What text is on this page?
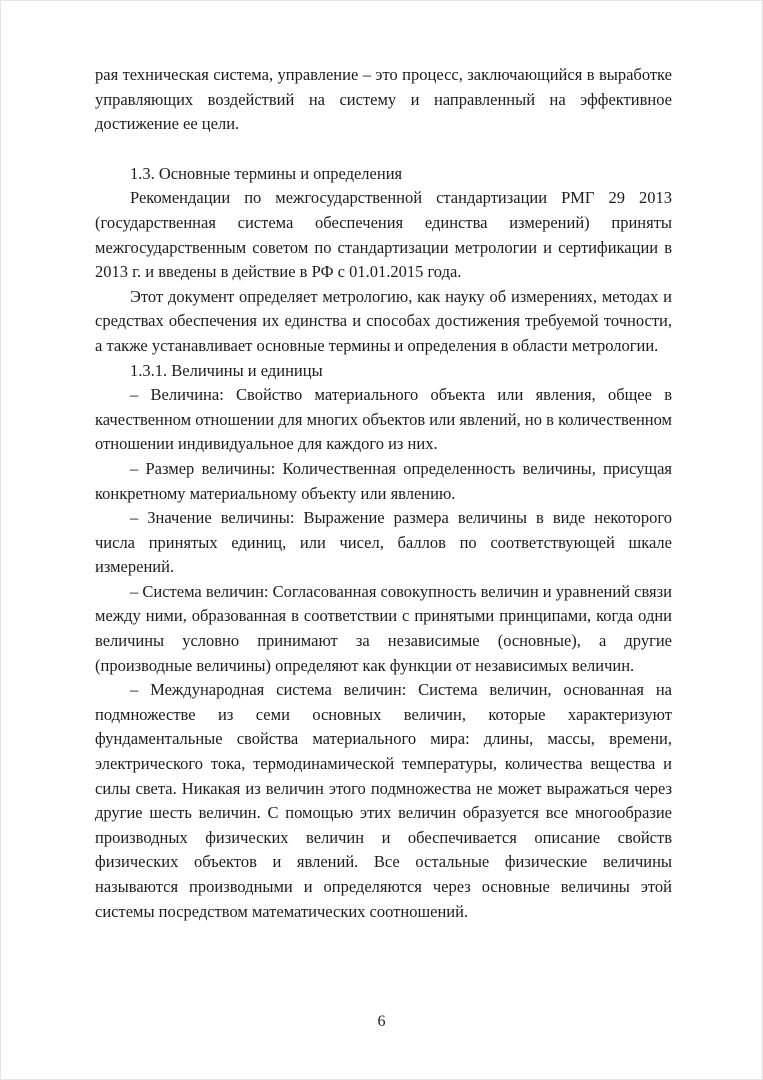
рая техническая система, управление – это процесс, заключающийся в выработке управляющих воздействий на систему и направленный на эффективное достижение ее цели.

1.3. Основные термины и определения

Рекомендации по межгосударственной стандартизации РМГ 29 2013 (государственная система обеспечения единства измерений) приняты межгосударственным советом по стандартизации метрологии и сертификации в 2013 г. и введены в действие в РФ с 01.01.2015 года.

Этот документ определяет метрологию, как науку об измерениях, методах и средствах обеспечения их единства и способах достижения требуемой точности, а также устанавливает основные термины и определения в области метрологии.

1.3.1. Величины и единицы

– Величина: Свойство материального объекта или явления, общее в качественном отношении для многих объектов или явлений, но в количественном отношении индивидуальное для каждого из них.

– Размер величины: Количественная определенность величины, присущая конкретному материальному объекту или явлению.

– Значение величины: Выражение размера величины в виде некоторого числа принятых единиц, или чисел, баллов по соответствующей шкале измерений.

– Система величин: Согласованная совокупность величин и уравнений связи между ними, образованная в соответствии с принятыми принципами, когда одни величины условно принимают за независимые (основные), а другие (производные величины) определяют как функции от независимых величин.

– Международная система величин: Система величин, основанная на подмножестве из семи основных величин, которые характеризуют фундаментальные свойства материального мира: длины, массы, времени, электрического тока, термодинамической температуры, количества вещества и силы света. Никакая из величин этого подмножества не может выражаться через другие шесть величин. С помощью этих величин образуется все многообразие производных физических величин и обеспечивается описание свойств физических объектов и явлений. Все остальные физические величины называются производными и определяются через основные величины этой системы посредством математических соотношений.

6
